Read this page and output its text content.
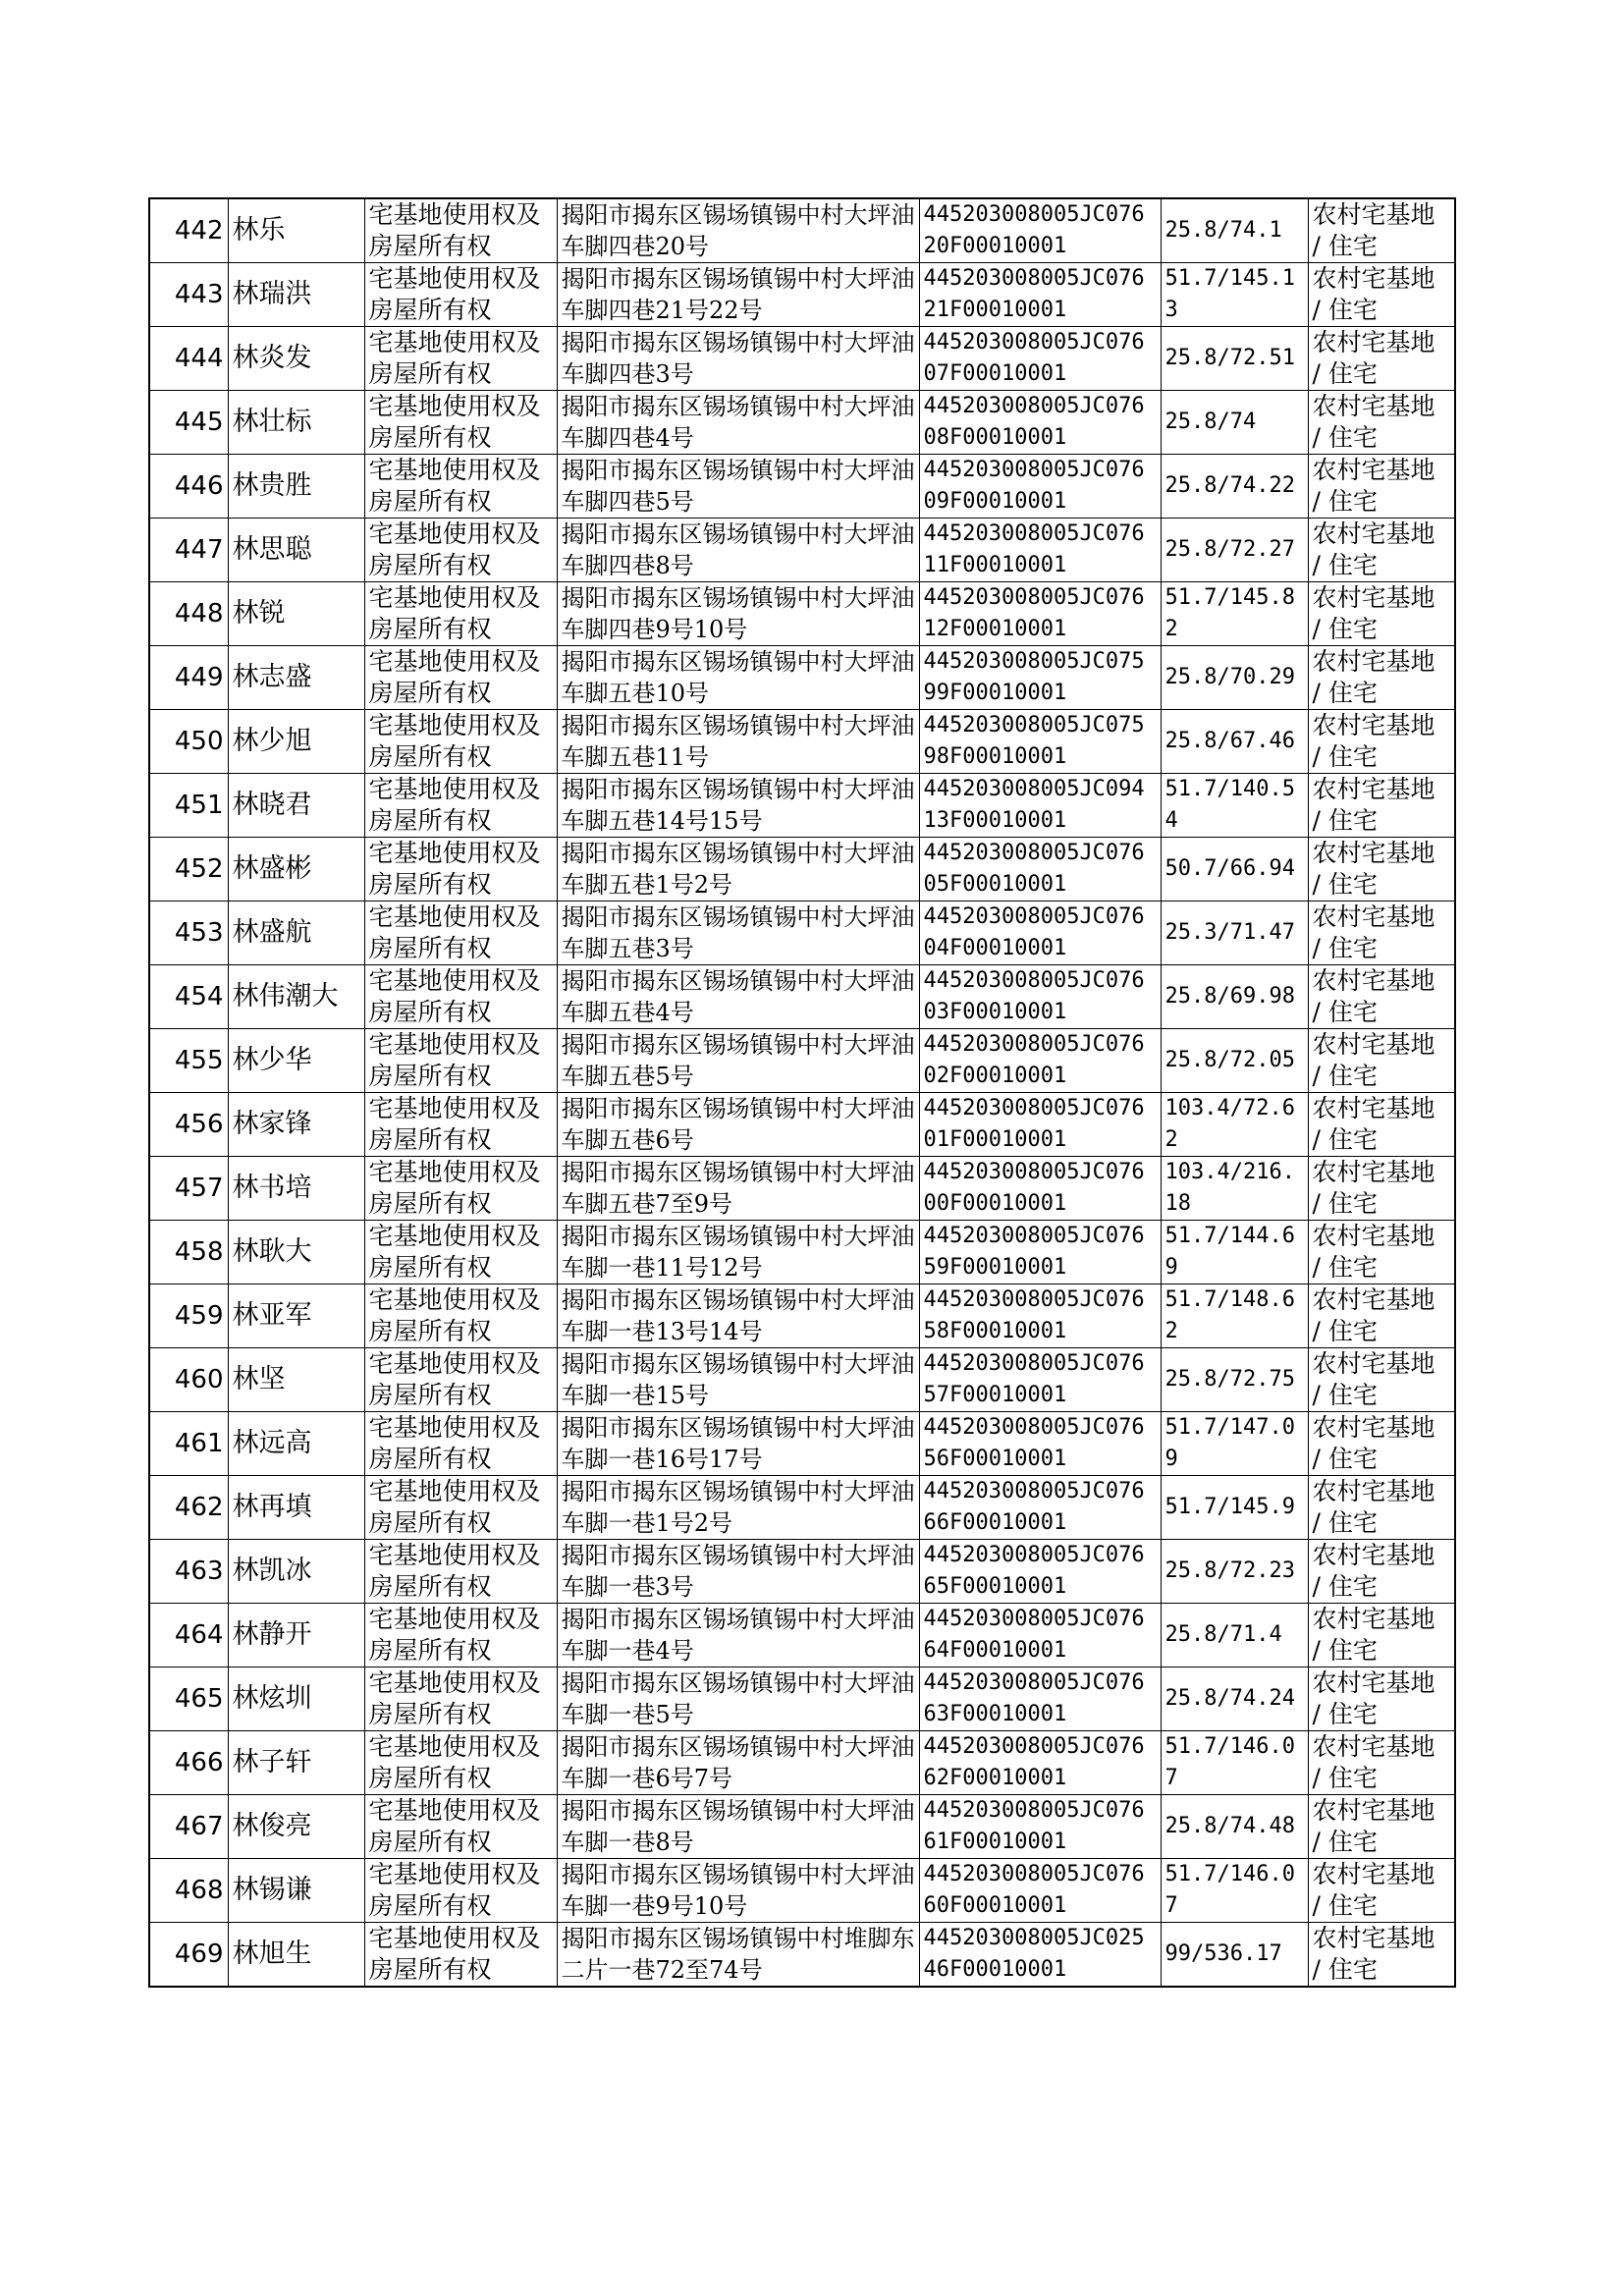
442	林乐	宅基地使用权及房屋所有权	揭阳市揭东区锡场镇锡中村大坪油车脚四巷20号	445203008005JC07620F00010001	25.8/74.1	农村宅基地 / 住宅
443	林瑞洪	宅基地使用权及房屋所有权	揭阳市揭东区锡场镇锡中村大坪油车脚四巷21号22号	445203008005JC07621F00010001	51.7/145.13	农村宅基地 / 住宅
444	林炎发	宅基地使用权及房屋所有权	揭阳市揭东区锡场镇锡中村大坪油车脚四巷3号	445203008005JC07607F00010001	25.8/72.51	农村宅基地 / 住宅
445	林壮标	宅基地使用权及房屋所有权	揭阳市揭东区锡场镇锡中村大坪油车脚四巷4号	445203008005JC07608F00010001	25.8/74	农村宅基地 / 住宅
446	林贵胜	宅基地使用权及房屋所有权	揭阳市揭东区锡场镇锡中村大坪油车脚四巷5号	445203008005JC07609F00010001	25.8/74.22	农村宅基地 / 住宅
447	林思聪	宅基地使用权及房屋所有权	揭阳市揭东区锡场镇锡中村大坪油车脚四巷8号	445203008005JC07611F00010001	25.8/72.27	农村宅基地 / 住宅
448	林锐	宅基地使用权及房屋所有权	揭阳市揭东区锡场镇锡中村大坪油车脚四巷9号10号	445203008005JC07612F00010001	51.7/145.82	农村宅基地 / 住宅
449	林志盛	宅基地使用权及房屋所有权	揭阳市揭东区锡场镇锡中村大坪油车脚五巷10号	445203008005JC07599F00010001	25.8/70.29	农村宅基地 / 住宅
450	林少旭	宅基地使用权及房屋所有权	揭阳市揭东区锡场镇锡中村大坪油车脚五巷11号	445203008005JC07598F00010001	25.8/67.46	农村宅基地 / 住宅
451	林晓君	宅基地使用权及房屋所有权	揭阳市揭东区锡场镇锡中村大坪油车脚五巷14号15号	445203008005JC09413F00010001	51.7/140.54	农村宅基地 / 住宅
452	林盛彬	宅基地使用权及房屋所有权	揭阳市揭东区锡场镇锡中村大坪油车脚五巷1号2号	445203008005JC07605F00010001	50.7/66.94	农村宅基地 / 住宅
453	林盛航	宅基地使用权及房屋所有权	揭阳市揭东区锡场镇锡中村大坪油车脚五巷3号	445203008005JC07604F00010001	25.3/71.47	农村宅基地 / 住宅
454	林伟潮大	宅基地使用权及房屋所有权	揭阳市揭东区锡场镇锡中村大坪油车脚五巷4号	445203008005JC07603F00010001	25.8/69.98	农村宅基地 / 住宅
455	林少华	宅基地使用权及房屋所有权	揭阳市揭东区锡场镇锡中村大坪油车脚五巷5号	445203008005JC07602F00010001	25.8/72.05	农村宅基地 / 住宅
456	林家锋	宅基地使用权及房屋所有权	揭阳市揭东区锡场镇锡中村大坪油车脚五巷6号	445203008005JC07601F00010001	103.4/72.62	农村宅基地 / 住宅
457	林书培	宅基地使用权及房屋所有权	揭阳市揭东区锡场镇锡中村大坪油车脚五巷7至9号	445203008005JC07600F00010001	103.4/216.18	农村宅基地 / 住宅
458	林耿大	宅基地使用权及房屋所有权	揭阳市揭东区锡场镇锡中村大坪油车脚一巷11号12号	445203008005JC07659F00010001	51.7/144.69	农村宅基地 / 住宅
459	林亚军	宅基地使用权及房屋所有权	揭阳市揭东区锡场镇锡中村大坪油车脚一巷13号14号	445203008005JC07658F00010001	51.7/148.62	农村宅基地 / 住宅
460	林坚	宅基地使用权及房屋所有权	揭阳市揭东区锡场镇锡中村大坪油车脚一巷15号	445203008005JC07657F00010001	25.8/72.75	农村宅基地 / 住宅
461	林远高	宅基地使用权及房屋所有权	揭阳市揭东区锡场镇锡中村大坪油车脚一巷16号17号	445203008005JC07656F00010001	51.7/147.09	农村宅基地 / 住宅
462	林再填	宅基地使用权及房屋所有权	揭阳市揭东区锡场镇锡中村大坪油车脚一巷1号2号	445203008005JC07666F00010001	51.7/145.9	农村宅基地 / 住宅
463	林凯冰	宅基地使用权及房屋所有权	揭阳市揭东区锡场镇锡中村大坪油车脚一巷3号	445203008005JC07665F00010001	25.8/72.23	农村宅基地 / 住宅
464	林静开	宅基地使用权及房屋所有权	揭阳市揭东区锡场镇锡中村大坪油车脚一巷4号	445203008005JC07664F00010001	25.8/71.4	农村宅基地 / 住宅
465	林炫圳	宅基地使用权及房屋所有权	揭阳市揭东区锡场镇锡中村大坪油车脚一巷5号	445203008005JC07663F00010001	25.8/74.24	农村宅基地 / 住宅
466	林子轩	宅基地使用权及房屋所有权	揭阳市揭东区锡场镇锡中村大坪油车脚一巷6号7号	445203008005JC07662F00010001	51.7/146.07	农村宅基地 / 住宅
467	林俊亮	宅基地使用权及房屋所有权	揭阳市揭东区锡场镇锡中村大坪油车脚一巷8号	445203008005JC07661F00010001	25.8/74.48	农村宅基地 / 住宅
468	林锡谦	宅基地使用权及房屋所有权	揭阳市揭东区锡场镇锡中村大坪油车脚一巷9号10号	445203008005JC07660F00010001	51.7/146.07	农村宅基地 / 住宅
469	林旭生	宅基地使用权及房屋所有权	揭阳市揭东区锡场镇锡中村堆脚东二片一巷72至74号	445203008005JC02546F00010001	99/536.17	农村宅基地 / 住宅
